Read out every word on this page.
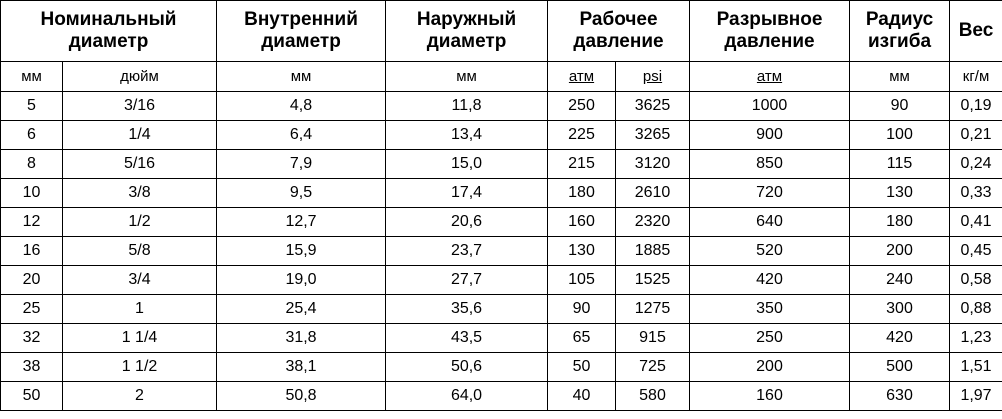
Номинальный диаметр		Внутренний диаметр	Наружный диаметр	Рабочее давление		Разрывное давление	Радиус изгиба	Вес
мм	дюйм	мм	мм	атм	psi	атм	мм	кг/м
5	3/16	4,8	11,8	250	3625	1000	90	0,19
6	1/4	6,4	13,4	225	3265	900	100	0,21
8	5/16	7,9	15,0	215	3120	850	115	0,24
10	3/8	9,5	17,4	180	2610	720	130	0,33
12	1/2	12,7	20,6	160	2320	640	180	0,41
16	5/8	15,9	23,7	130	1885	520	200	0,45
20	3/4	19,0	27,7	105	1525	420	240	0,58
25	1	25,4	35,6	90	1275	350	300	0,88
32	1 1/4	31,8	43,5	65	915	250	420	1,23
38	1 1/2	38,1	50,6	50	725	200	500	1,51
50	2	50,8	64,0	40	580	160	630	1,97
